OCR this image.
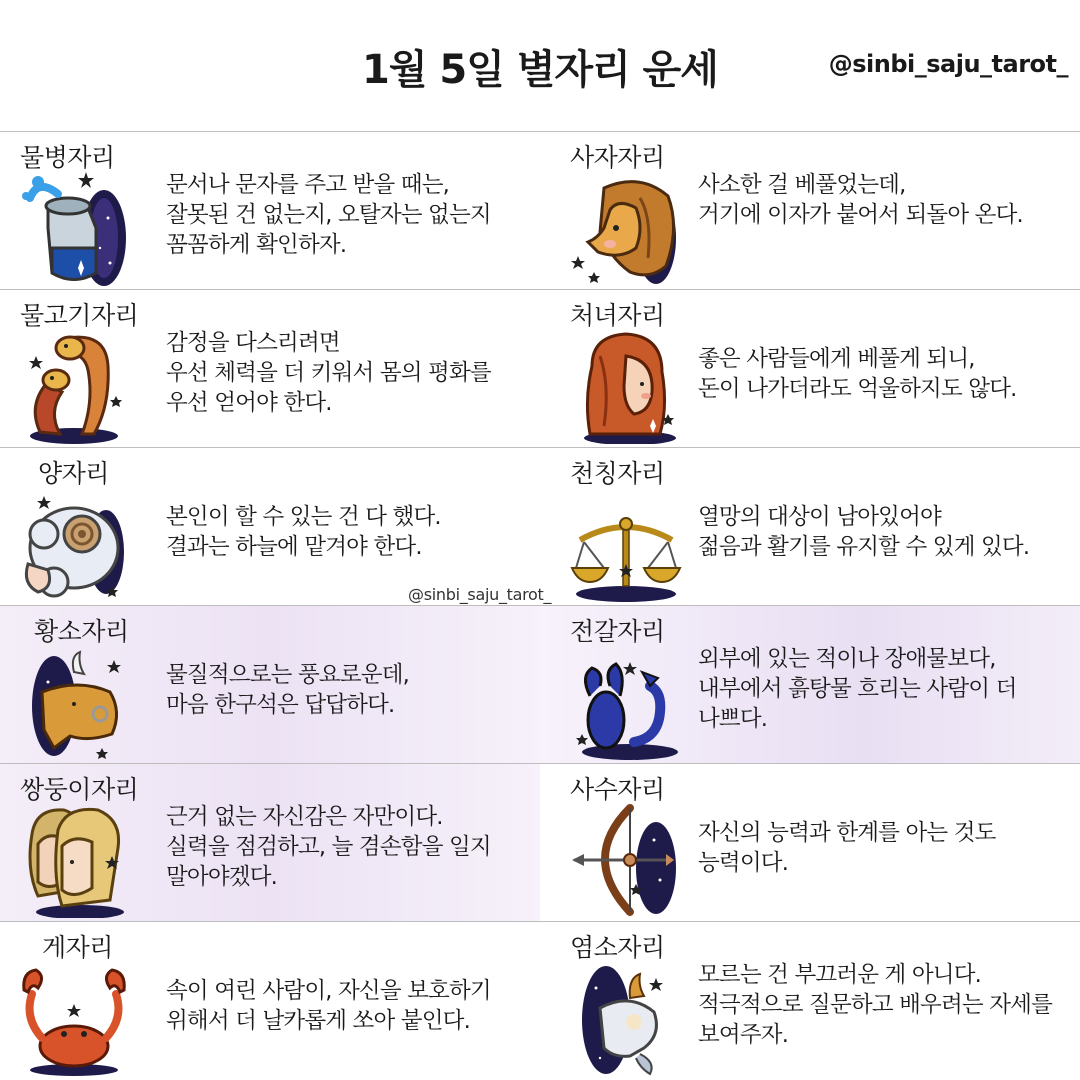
1월 5일 별자리 운세	@sinbi_saju_tarot_
물병자리
문서나 문자를 주고 받을 때는,
잘못된 건 없는지, 오탈자는 없는지
꼼꼼하게 확인하자.
사자자리
사소한 걸 베풀었는데,
거기에 이자가 붙어서 되돌아 온다.
물고기자리
감정을 다스리려면
우선 체력을 더 키워서 몸의 평화를
우선 얻어야 한다.
처녀자리
좋은 사람들에게 베풀게 되니,
돈이 나가더라도 억울하지도 않다.
양자리
본인이 할 수 있는 건 다 했다.
결과는 하늘에 맡겨야 한다.
천칭자리
열망의 대상이 남아있어야
젊음과 활기를 유지할 수 있게 있다.
황소자리
물질적으로는 풍요로운데,
마음 한구석은 답답하다.
전갈자리
외부에 있는 적이나 장애물보다,
내부에서 흙탕물 흐리는 사람이 더
나쁘다.
쌍둥이자리
근거 없는 자신감은 자만이다.
실력을 점검하고, 늘 겸손함을 일지
말아야겠다.
사수자리
자신의 능력과 한계를 아는 것도
능력이다.
게자리
속이 여린 사람이, 자신을 보호하기
위해서 더 날카롭게 쏘아 붙인다.
염소자리
모르는 건 부끄러운 게 아니다.
적극적으로 질문하고 배우려는 자세를
보여주자.
@sinbi_saju_tarot_
